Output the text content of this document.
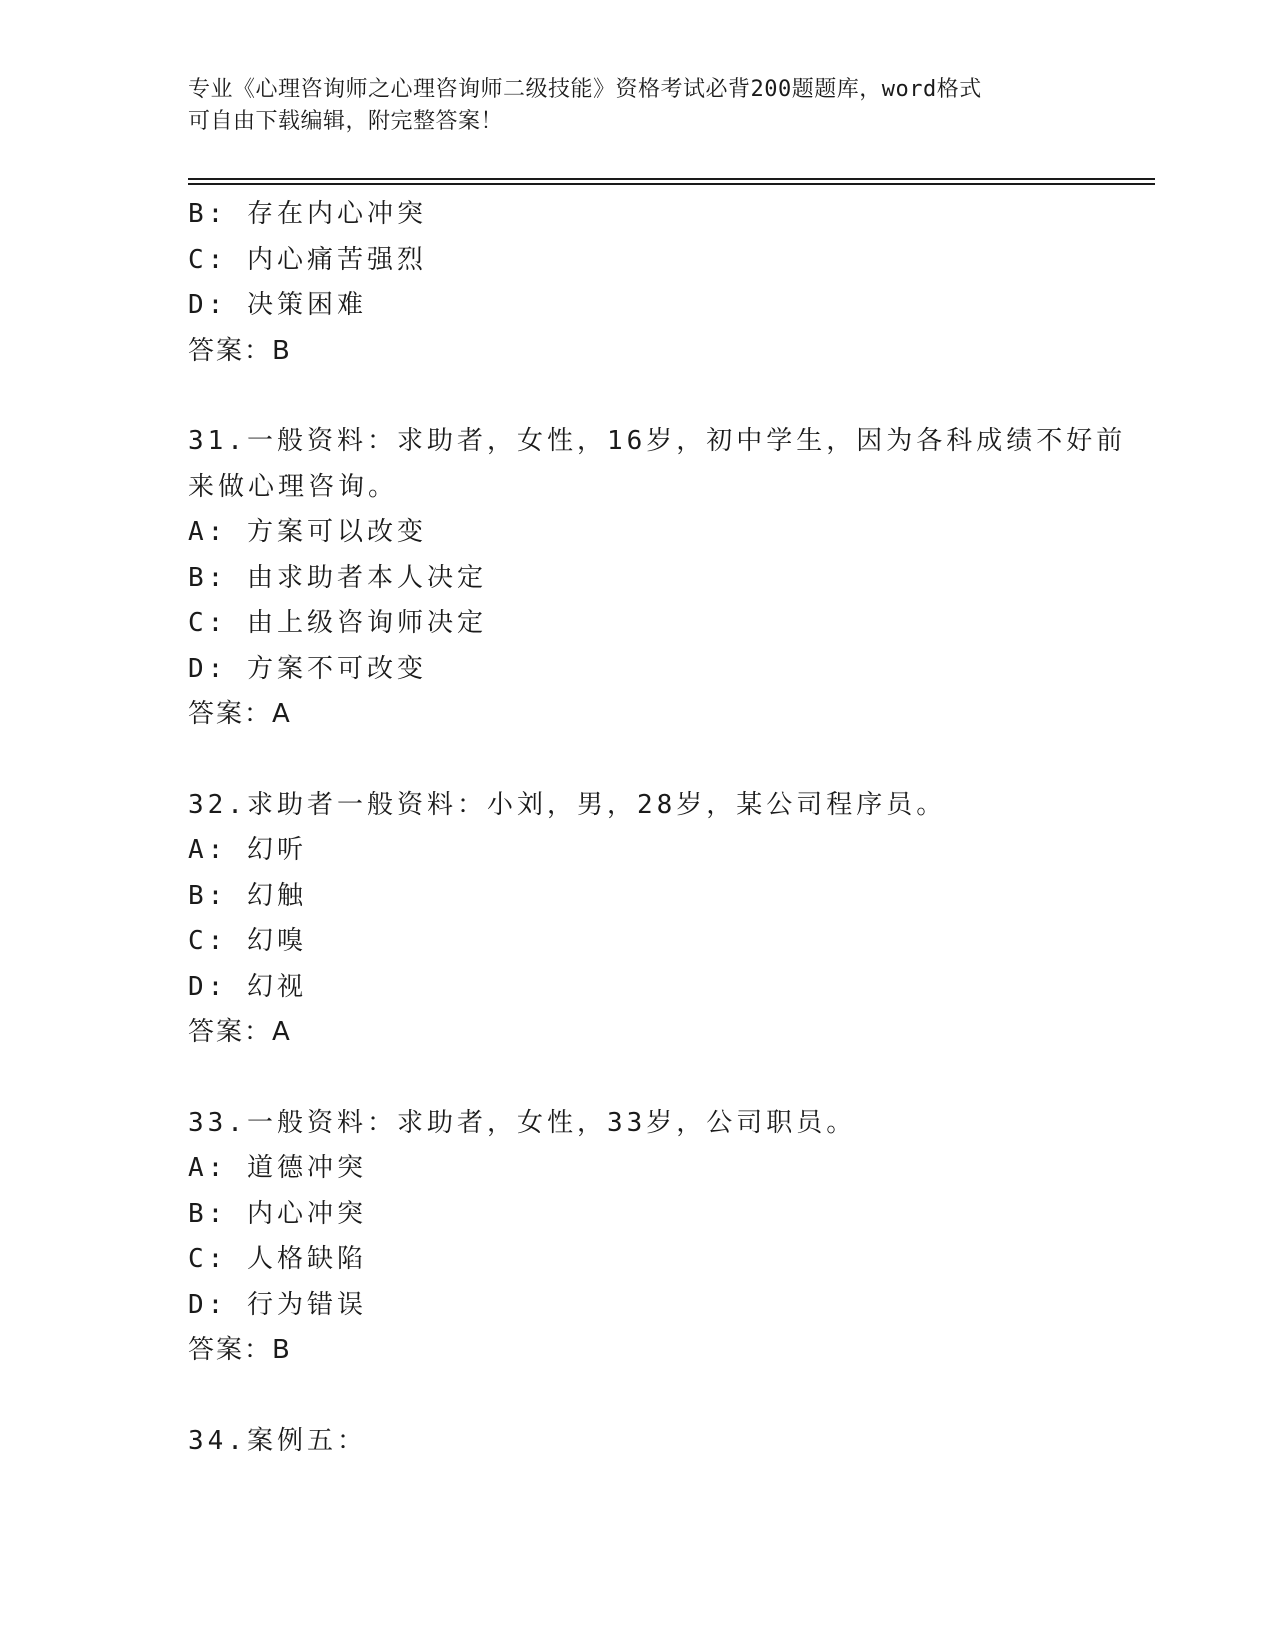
专业《心理咨询师之心理咨询师二级技能》资格考试必背200题题库，word格式
可自由下载编辑，附完整答案！
B: 存在内心冲突
C: 内心痛苦强烈
D: 决策困难
答案：B
31.一般资料：求助者，女性，16岁，初中学生，因为各科成绩不好前
来做心理咨询。
A: 方案可以改变
B: 由求助者本人决定
C: 由上级咨询师决定
D: 方案不可改变
答案：A
32.求助者一般资料：小刘，男，28岁，某公司程序员。
A: 幻听
B: 幻触
C: 幻嗅
D: 幻视
答案：A
33.一般资料：求助者，女性，33岁，公司职员。
A: 道德冲突
B: 内心冲突
C: 人格缺陷
D: 行为错误
答案：B
34.案例五：
